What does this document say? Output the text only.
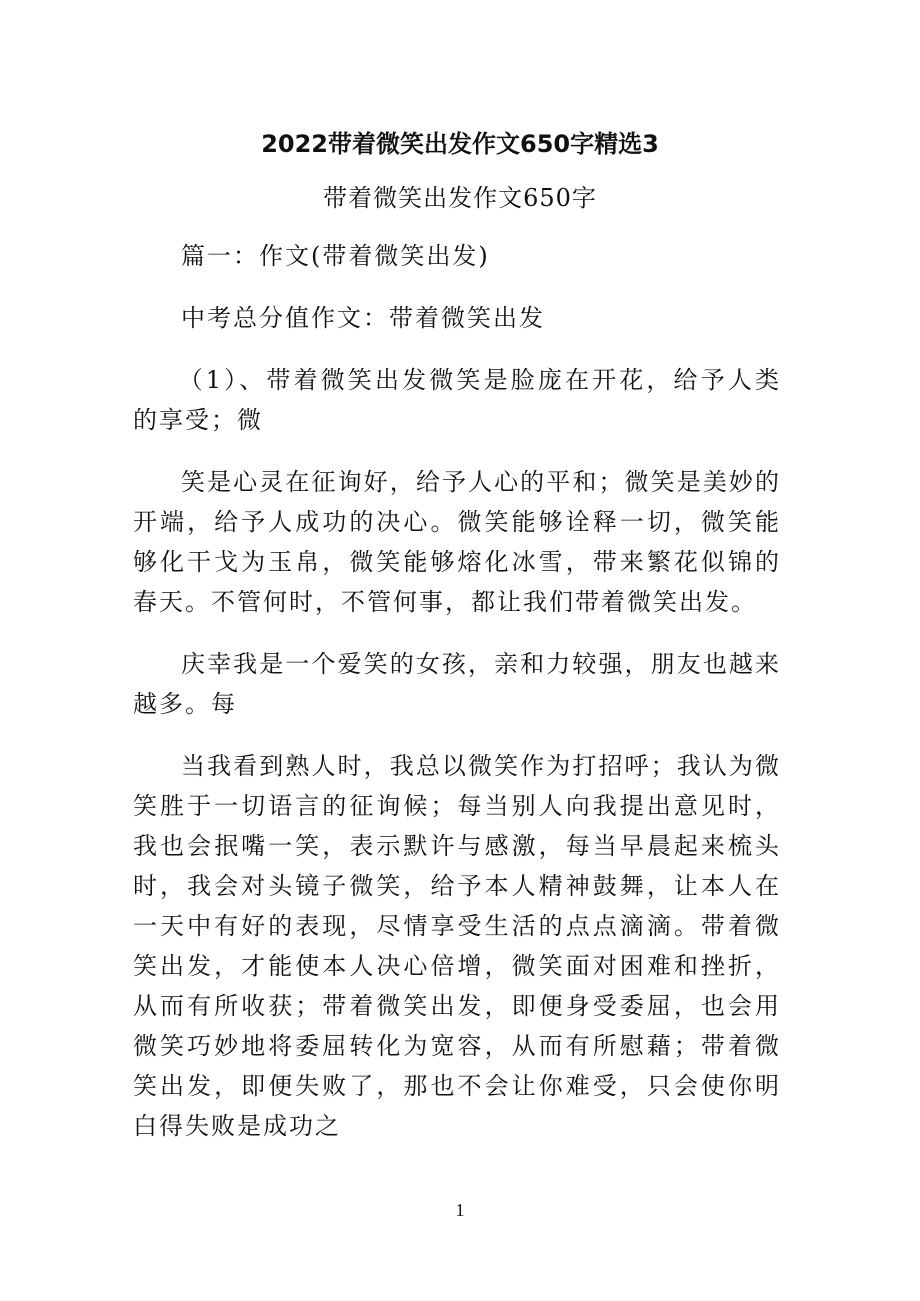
2022带着微笑出发作文650字精选3
带着微笑出发作文650字

篇一：作文(带着微笑出发)

中考总分值作文：带着微笑出发

（1）、带着微笑出发微笑是脸庞在开花，给予人类的享受；微

笑是心灵在征询好，给予人心的平和；微笑是美妙的开端，给予人成功的决心。微笑能够诠释一切，微笑能够化干戈为玉帛，微笑能够熔化冰雪，带来繁花似锦的春天。不管何时，不管何事，都让我们带着微笑出发。

庆幸我是一个爱笑的女孩，亲和力较强，朋友也越来越多。每

当我看到熟人时，我总以微笑作为打招呼；我认为微笑胜于一切语言的征询候；每当别人向我提出意见时，我也会抿嘴一笑，表示默许与感激，每当早晨起来梳头时，我会对头镜子微笑，给予本人精神鼓舞，让本人在一天中有好的表现，尽情享受生活的点点滴滴。带着微笑出发，才能使本人决心倍增，微笑面对困难和挫折，从而有所收获；带着微笑出发，即便身受委屈，也会用微笑巧妙地将委屈转化为宽容，从而有所慰藉；带着微笑出发，即便失败了，那也不会让你难受，只会使你明白得失败是成功之

1
